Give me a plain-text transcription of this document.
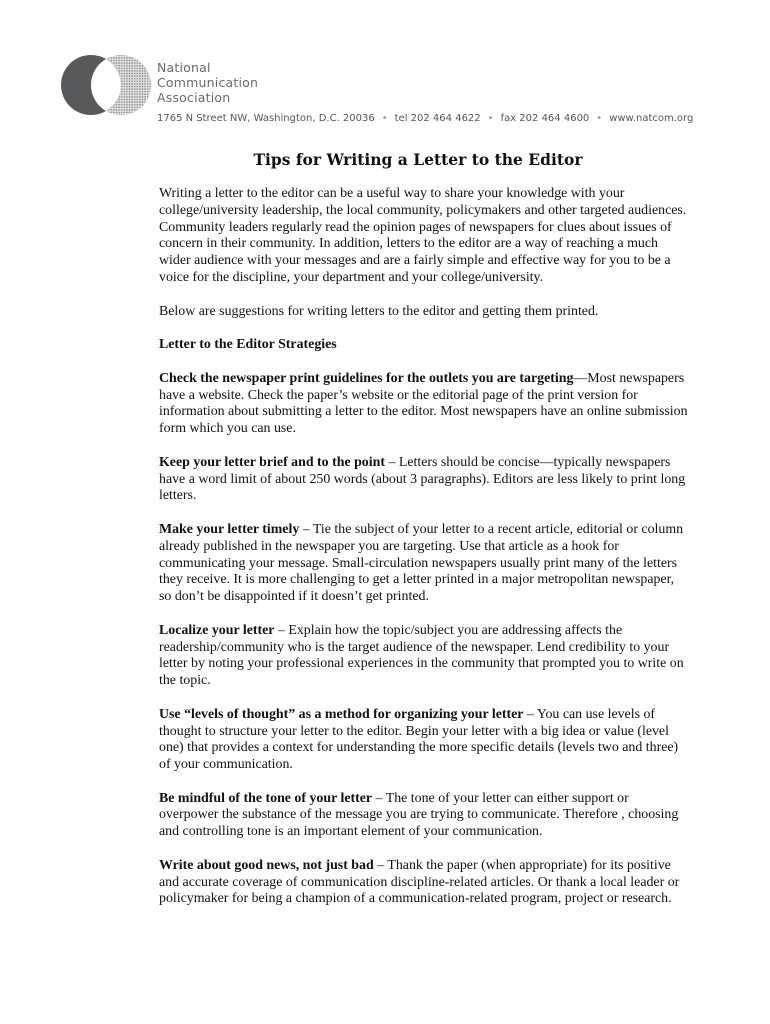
National
Communication
Association
1765 N Street NW, Washington, D.C. 20036 • tel 202 464 4622 • fax 202 464 4600 • www.natcom.org
Tips for Writing a Letter to the Editor

Writing a letter to the editor can be a useful way to share your knowledge with your college/university leadership, the local community, policymakers and other targeted audiences. Community leaders regularly read the opinion pages of newspapers for clues about issues of concern in their community. In addition, letters to the editor are a way of reaching a much wider audience with your messages and are a fairly simple and effective way for you to be a voice for the discipline, your department and your college/university.

Below are suggestions for writing letters to the editor and getting them printed.

Letter to the Editor Strategies

Check the newspaper print guidelines for the outlets you are targeting—Most newspapers have a website. Check the paper’s website or the editorial page of the print version for information about submitting a letter to the editor. Most newspapers have an online submission form which you can use.

Keep your letter brief and to the point – Letters should be concise—typically newspapers have a word limit of about 250 words (about 3 paragraphs). Editors are less likely to print long letters.

Make your letter timely – Tie the subject of your letter to a recent article, editorial or column already published in the newspaper you are targeting. Use that article as a hook for communicating your message. Small-circulation newspapers usually print many of the letters they receive. It is more challenging to get a letter printed in a major metropolitan newspaper, so don’t be disappointed if it doesn’t get printed.

Localize your letter – Explain how the topic/subject you are addressing affects the readership/community who is the target audience of the newspaper. Lend credibility to your letter by noting your professional experiences in the community that prompted you to write on the topic.

Use “levels of thought” as a method for organizing your letter – You can use levels of thought to structure your letter to the editor. Begin your letter with a big idea or value (level one) that provides a context for understanding the more specific details (levels two and three) of your communication.

Be mindful of the tone of your letter – The tone of your letter can either support or overpower the substance of the message you are trying to communicate. Therefore , choosing and controlling tone is an important element of your communication.

Write about good news, not just bad – Thank the paper (when appropriate) for its positive and accurate coverage of communication discipline-related articles. Or thank a local leader or policymaker for being a champion of a communication-related program, project or research.
